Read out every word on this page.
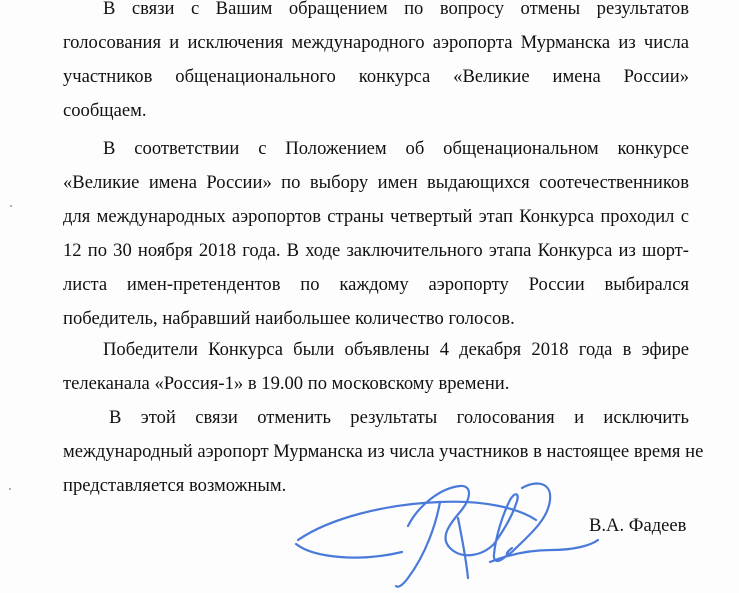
В связи с Вашим обращением по вопросу отмены результатов
голосования и исключения международного аэропорта Мурманска из числа
участников общенационального конкурса «Великие имена России»
сообщаем.
В соответствии с Положением об общенациональном конкурсе
«Великие имена России» по выбору имен выдающихся соотечественников
для международных аэропортов страны четвертый этап Конкурса проходил с
12 по 30 ноября 2018 года. В ходе заключительного этапа Конкурса из шорт-
листа имен-претендентов по каждому аэропорту России выбирался
победитель, набравший наибольшее количество голосов.
Победители Конкурса были объявлены 4 декабря 2018 года в эфире
телеканала «Россия-1» в 19.00 по московскому времени.
В этой связи отменить результаты голосования и исключить
международный аэропорт Мурманска из числа участников в настоящее время не
представляется возможным.
В.А. Фадеев
